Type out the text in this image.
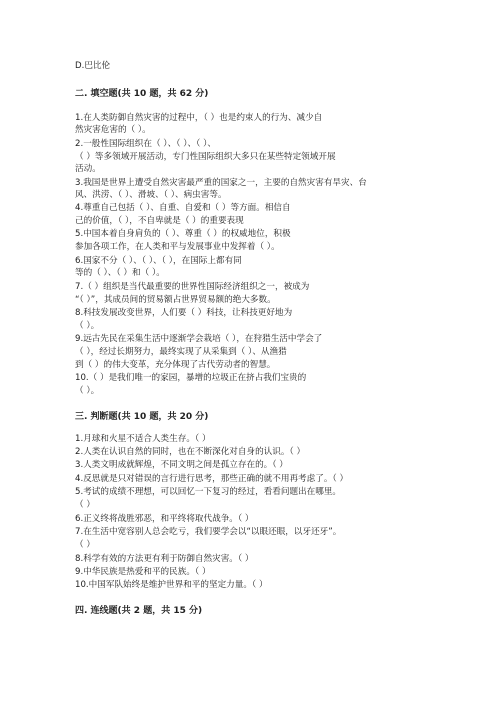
D.巴比伦
二. 填空题(共 10 题，共 62 分)
1.在人类防御自然灾害的过程中，（ ）也是约束人的行为、减少自
然灾害危害的（ ）。
2.一般性国际组织在（ ）、（ ）、（ ）、
（ ）等多领域开展活动，专门性国际组织大多只在某些特定领域开展
活动。
3.我国是世界上遭受自然灾害最严重的国家之一，主要的自然灾害有旱灾、台
风、洪涝、（ ）、滑坡、（ ）、病虫害等。
4.尊重自己包括（ ）、自重、自爱和（ ）等方面。相信自
己的价值，（ ），不自卑就是（ ）的重要表现
5.中国本着自身肩负的（ ）、尊重（ ）的权威地位，积极
参加各项工作，在人类和平与发展事业中发挥着（ ）。
6.国家不分（ ）、（ ）、（ ），在国际上都有同
等的（ ）、（ ）和（ ）。
7.（ ）组织是当代最重要的世界性国际经济组织之一，被成为
“（ ）”，其成员间的贸易额占世界贸易额的绝大多数。
8.科技发展改变世界，人们要（ ）科技，让科技更好地为
（ ）。
9.远古先民在采集生活中逐渐学会栽培（ ），在狩猎生活中学会了
（ ），经过长期努力，最终实现了从采集到（ ）、从渔猎
到（ ）的伟大变革，充分体现了古代劳动者的智慧。
10.（ ）是我们唯一的家园，暴增的垃圾正在挤占我们宝贵的
（ ）。
三. 判断题(共 10 题，共 20 分)
1.月球和火星不适合人类生存。（ ）
2.人类在认识自然的同时，也在不断深化对自身的认识。（ ）
3.人类文明成就辉煌，不同文明之间是孤立存在的。（ ）
4.反思就是只对错误的言行进行思考，那些正确的就不用再考虑了。（ ）
5.考试的成绩不理想，可以回忆一下复习的经过，看看问题出在哪里。
（ ）
6.正义终将战胜邪恶，和平终将取代战争。（ ）
7.在生活中宽容别人总会吃亏，我们要学会以“以眼还眼，以牙还牙”。
（ ）
8.科学有效的方法更有利于防御自然灾害。（ ）
9.中华民族是热爱和平的民族。（ ）
10.中国军队始终是维护世界和平的坚定力量。（ ）
四. 连线题(共 2 题，共 15 分)
